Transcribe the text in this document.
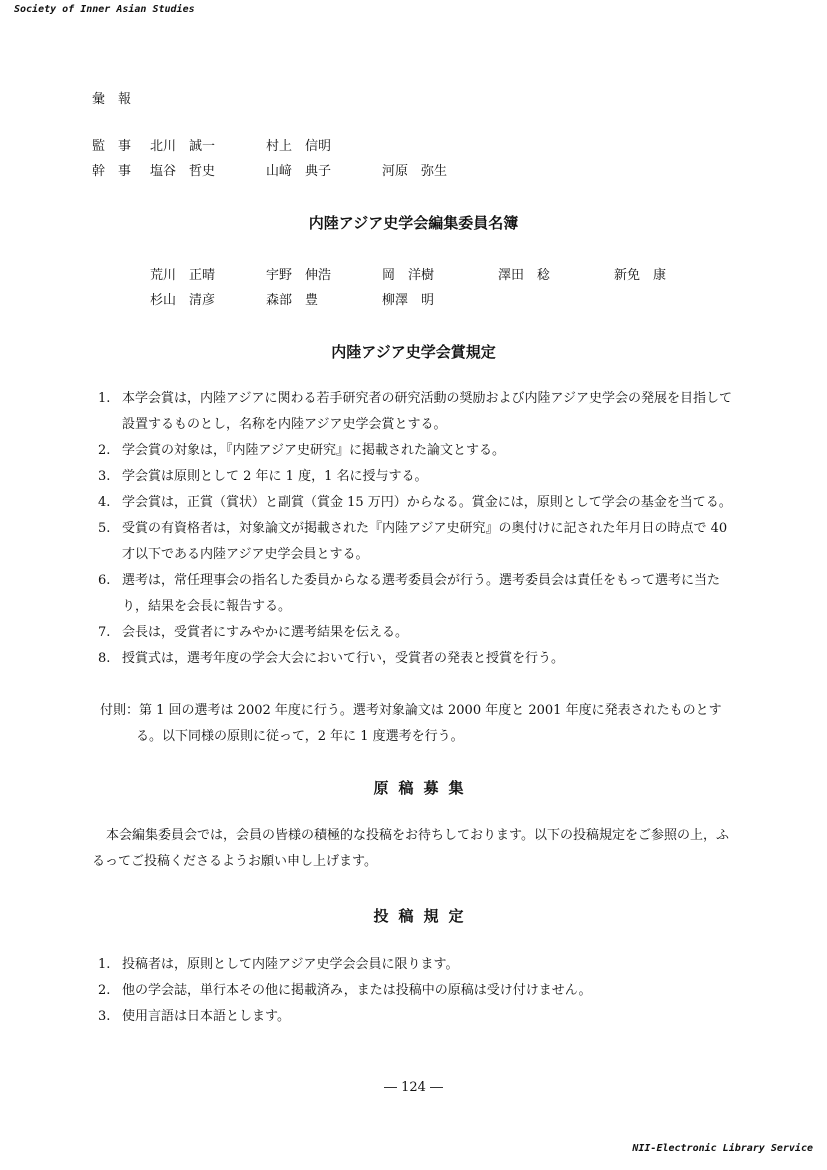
Society of Inner Asian Studies
彙　報
監　事 北川　誠一	村上　信明
幹　事 塩谷　哲史	山﨑　典子	河原　弥生
内陸アジア史学会編集委員名簿
荒川　正晴	宇野　伸浩	岡　洋樹	澤田　稔	新免　康
杉山　清彦	森部　豊	柳澤　明
内陸アジア史学会賞規定
1. 本学会賞は，内陸アジアに関わる若手研究者の研究活動の奨励および内陸アジア史学会の発展を目指して設置するものとし，名称を内陸アジア史学会賞とする。
2. 学会賞の対象は，『内陸アジア史研究』に掲載された論文とする。
3. 学会賞は原則として 2 年に 1 度，1 名に授与する。
4. 学会賞は，正賞（賞状）と副賞（賞金 15 万円）からなる。賞金には，原則として学会の基金を当てる。
5. 受賞の有資格者は，対象論文が掲載された『内陸アジア史研究』の奥付けに記された年月日の時点で 40 才以下である内陸アジア史学会員とする。
6. 選考は，常任理事会の指名した委員からなる選考委員会が行う。選考委員会は責任をもって選考に当たり，結果を会長に報告する。
7. 会長は，受賞者にすみやかに選考結果を伝える。
8. 授賞式は，選考年度の学会大会において行い，受賞者の発表と授賞を行う。
付則：第 1 回の選考は 2002 年度に行う。選考対象論文は 2000 年度と 2001 年度に発表されたものとする。以下同様の原則に従って，2 年に 1 度選考を行う。
原稿募集
本会編集委員会では，会員の皆様の積極的な投稿をお待ちしております。以下の投稿規定をご参照の上，ふるってご投稿くださるようお願い申し上げます。
投稿規定
1. 投稿者は，原則として内陸アジア史学会会員に限ります。
2. 他の学会誌，単行本その他に掲載済み，または投稿中の原稿は受け付けません。
3. 使用言語は日本語とします。
― 124 ―
NII-Electronic Library Service
